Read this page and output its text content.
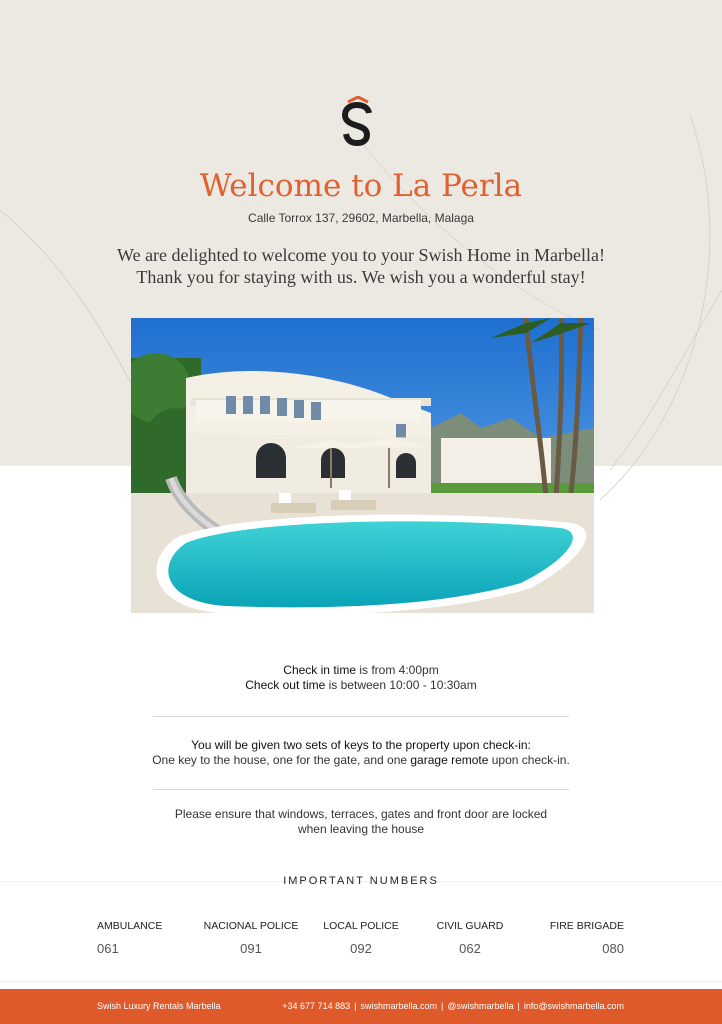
Welcome to La Perla
Calle Torrox 137, 29602, Marbella, Malaga
We are delighted to welcome you to your Swish Home in Marbella!
Thank you for staying with us. We wish you a wonderful stay!
Check in time is from 4:00pm
Check out time is between 10:00 - 10:30am
You will be given two sets of keys to the property upon check-in:
One key to the house, one for the gate, and one garage remote upon check-in.
Please ensure that windows, terraces, gates and front door are locked
when leaving the house
IMPORTANT NUMBERS
AMBULANCE
061
NACIONAL POLICE
091
LOCAL POLICE
092
CIVIL GUARD
062
FIRE BRIGADE
080
Swish Luxury Rentals Marbella	+34 677 714 883 | swishmarbella.com | @swishmarbella | info@swishmarbella.com
